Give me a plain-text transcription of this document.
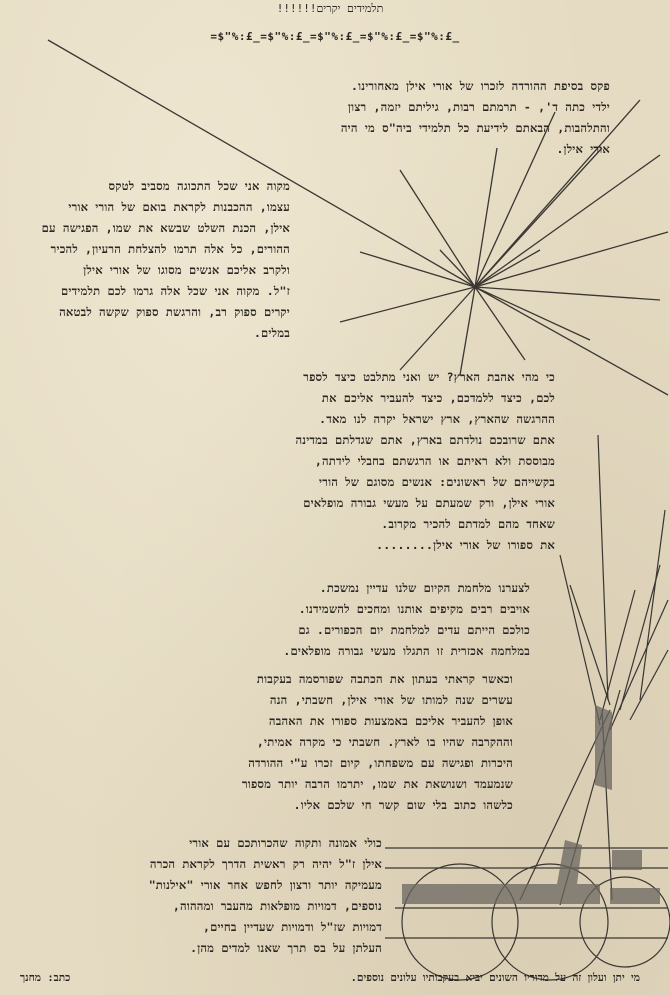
תלמידים יקרים!!!!!!
=$"%:£_=$"%:£_=$"%:£_=$"%:£_=$"%:£_

פקס בסיפת ההורדה לזכרו של אורי אילן מאחורינו.

ילדי כתה ד', - תרמתם רבות, גיליתם יזמה, רצון

והתלהבות, הבאתם לידיעת כל תלמידי ביה"ס מי היה

אורי אילן.

מקוה אני שכל התכוגה מסביב לטקס

עצמו, ההכבנות לקראת בואם של הורי אורי

אילן, הכנת השלט שבשא את שמו, הפגישה עם

ההורים, כל אלה תרמו להצלחת הרעיון, להכיר

ולקרב אליכם אנשים מסוגו של אורי אילן

ז"ל. מקוה אני שכל אלה גרמו לכם תלמידים

יקרים ספוק רב, והרגשת ספוק שקשה לבטאה

במלים.

כי מהי אהבת הארץ? יש ואני מתלבט כיצד לספר

לכם, כיצד ללמדכם, כיצד להעביר אליכם את

ההרגשה שהארץ, ארץ ישראל יקרה לנו מאד.

אתם שרובכם נולדתם בארץ, אתם שגדלתם במדינה

מבוססת ולא ראיתם או הרגשתם בחבלי לידתה,

בקשייהם של ראשונים: אנשים מסוגם של הורי

אורי אילן, ורק שמעתם על מעשי גבורה מופלאים

שאחד מהם למדתם להכיר מקרוב.

את ספורו של אורי אילן........

לצערנו מלחמת הקיום שלנו עדיין נמשכת.

אויבים רבים מקיפים אותנו ומחכים להשמידנו.

כולכם הייתם עדים למלחמת יום הכפורים. גם

במלחמה אכזרית זו התגלו מעשי גבורה מופלאים.

וכאשר קראתי בעתון את הכתבה שפורסמה בעקבות

עשרים שנה למותו של אורי אילן, חשבתי, הנה

אופן להעביר אליכם באמצעות ספורו את האהבה

וההקרבה שהיו בו לארץ. חשבתי כי מקרה אמיתי,

היכרות ופגישה עם משפחתו, קיום זכרו ע"י ההורדה

שנמעמד ושנושאת את שמו, יתרמו הרבה יותר מספור

כלשהו כתוב בלי שום קשר חי שלכם אליו.

כולי אמונה ותקוה שהכרותכם עם אורי

אילן ז"ל יהיה רק ראשית הדרך לקראת הכרה

מעמיקה יותר ורצון לחפש אחר אורי "אילנות"

נוספים, דמויות מופלאות מהעבר ומההוה,

דמויות שז"ל ודמויות שעדיין בחיים,

העלתן על בס תרך שאנו למדים מהן.

מי יתן ועלון זה על מדוריו השונים יביא בעקבותיו עלונים נוספים.
כתב: מחנך
